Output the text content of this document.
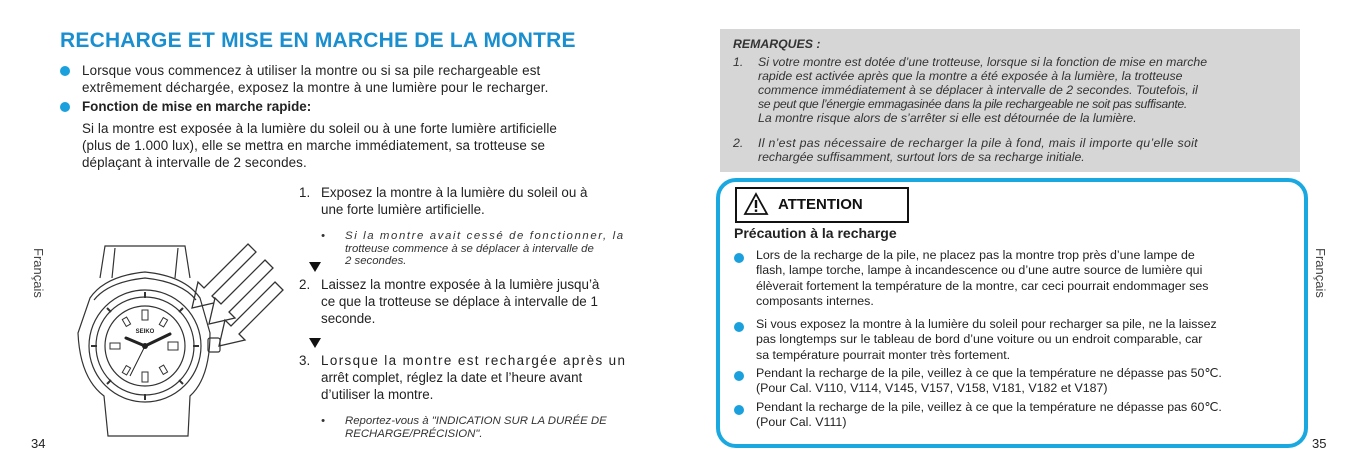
RECHARGE ET MISE EN MARCHE DE LA MONTRE
Lorsque vous commencez à utiliser la montre ou si sa pile rechargeable est
extrêmement déchargée, exposez la montre à une lumière pour le recharger.
Fonction de mise en marche rapide:
Si la montre est exposée à la lumière du soleil ou à une forte lumière artificielle
(plus de 1.000 lux), elle se mettra en marche immédiatement, sa trotteuse se
déplaçant à intervalle de 2 secondes.
1. Exposez la montre à la lumière du soleil ou à
une forte lumière artificielle.
• Si la montre avait cessé de fonctionner, la
trotteuse commence à se déplacer à intervalle de
2 secondes.
2. Laissez la montre exposée à la lumière jusqu’à
ce que la trotteuse se déplace à intervalle de 1
seconde.
3. Lorsque la montre est rechargée après un
arrêt complet, réglez la date et l’heure avant
d’utiliser la montre.
• Reportez-vous à "INDICATION SUR LA DURÉE DE
RECHARGE/PRÉCISION".
SEIKO
Français
34
REMARQUES :
1. Si votre montre est dotée d’une trotteuse, lorsque si la fonction de mise en marche
rapide est activée après que la montre a été exposée à la lumière, la trotteuse
commence immédiatement à se déplacer à intervalle de 2 secondes. Toutefois, il
se peut que l’énergie emmagasinée dans la pile rechargeable ne soit pas suffisante.
La montre risque alors de s’arrêter si elle est détournée de la lumière.
2. Il n’est pas nécessaire de recharger la pile à fond, mais il importe qu’elle soit
rechargée suffisamment, surtout lors de sa recharge initiale.
ATTENTION
Précaution à la recharge
Lors de la recharge de la pile, ne placez pas la montre trop près d’une lampe de
flash, lampe torche, lampe à incandescence ou d’une autre source de lumière qui
élèverait fortement la température de la montre, car ceci pourrait endommager ses
composants internes.
Si vous exposez la montre à la lumière du soleil pour recharger sa pile, ne la laissez
pas longtemps sur le tableau de bord d’une voiture ou un endroit comparable, car
sa température pourrait monter très fortement.
Pendant la recharge de la pile, veillez à ce que la température ne dépasse pas 50℃.
(Pour Cal. V110, V114, V145, V157, V158, V181, V182 et V187)
Pendant la recharge de la pile, veillez à ce que la température ne dépasse pas 60℃.
(Pour Cal. V111)
Français
35
